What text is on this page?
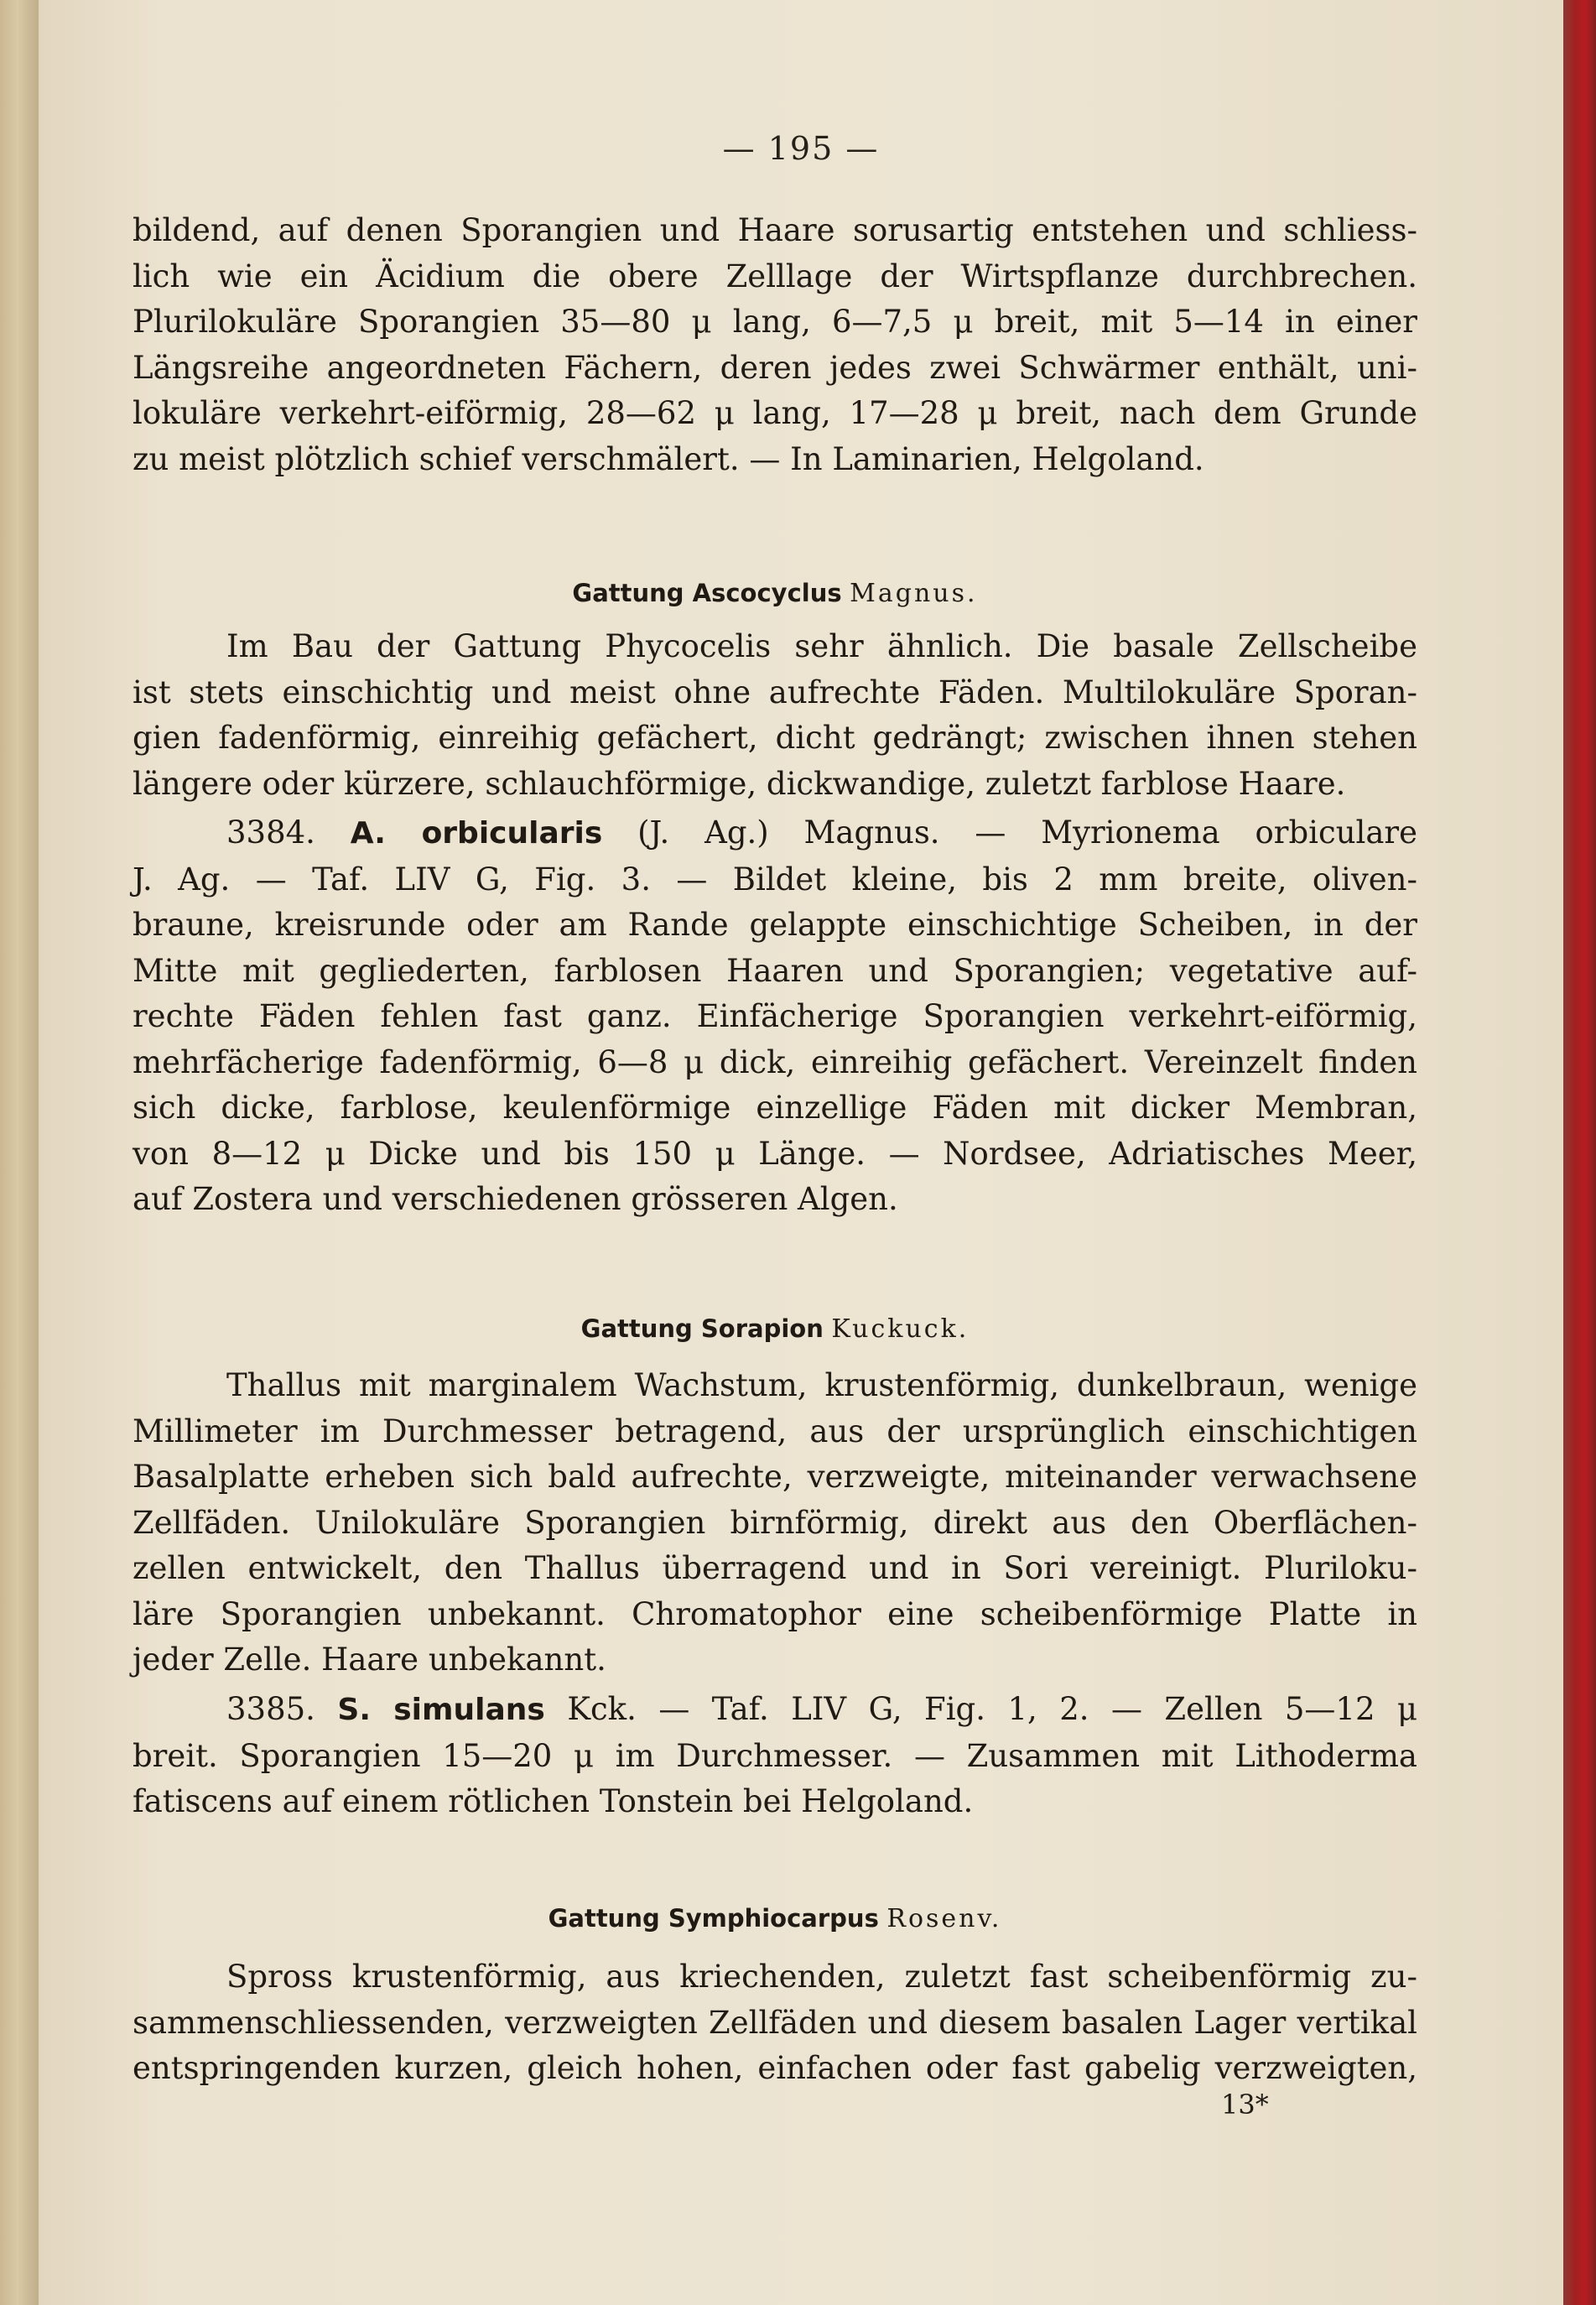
— 195 —

bildend, auf denen Sporangien und Haare sorusartig entstehen und schliess-

lich wie ein Äcidium die obere Zelllage der Wirtspflanze durchbrechen.

Plurilokuläre Sporangien 35—80 μ lang, 6—7,5 μ breit, mit 5—14 in einer

Längsreihe angeordneten Fächern, deren jedes zwei Schwärmer enthält, uni-

lokuläre verkehrt-eiförmig, 28—62 μ lang, 17—28 μ breit, nach dem Grunde

zu meist plötzlich schief verschmälert. — In Laminarien, Helgoland.

Gattung Ascocyclus Magnus.

Im Bau der Gattung Phycocelis sehr ähnlich. Die basale Zellscheibe

ist stets einschichtig und meist ohne aufrechte Fäden. Multilokuläre Sporan-

gien fadenförmig, einreihig gefächert, dicht gedrängt; zwischen ihnen stehen

längere oder kürzere, schlauchförmige, dickwandige, zuletzt farblose Haare.

3384. A. orbicularis (J. Ag.) Magnus. — Myrionema orbiculare

J. Ag. — Taf. LIV G, Fig. 3. — Bildet kleine, bis 2 mm breite, oliven-

braune, kreisrunde oder am Rande gelappte einschichtige Scheiben, in der

Mitte mit gegliederten, farblosen Haaren und Sporangien; vegetative auf-

rechte Fäden fehlen fast ganz. Einfächerige Sporangien verkehrt-eiförmig,

mehrfächerige fadenförmig, 6—8 μ dick, einreihig gefächert. Vereinzelt finden

sich dicke, farblose, keulenförmige einzellige Fäden mit dicker Membran,

von 8—12 μ Dicke und bis 150 μ Länge. — Nordsee, Adriatisches Meer,

auf Zostera und verschiedenen grösseren Algen.

Gattung Sorapion Kuckuck.

Thallus mit marginalem Wachstum, krustenförmig, dunkelbraun, wenige

Millimeter im Durchmesser betragend, aus der ursprünglich einschichtigen

Basalplatte erheben sich bald aufrechte, verzweigte, miteinander verwachsene

Zellfäden. Unilokuläre Sporangien birnförmig, direkt aus den Oberflächen-

zellen entwickelt, den Thallus überragend und in Sori vereinigt. Pluriloku-

läre Sporangien unbekannt. Chromatophor eine scheibenförmige Platte in

jeder Zelle. Haare unbekannt.

3385. S. simulans Kck. — Taf. LIV G, Fig. 1, 2. — Zellen 5—12 μ

breit. Sporangien 15—20 μ im Durchmesser. — Zusammen mit Lithoderma

fatiscens auf einem rötlichen Tonstein bei Helgoland.

Gattung Symphiocarpus Rosenv.

Spross krustenförmig, aus kriechenden, zuletzt fast scheibenförmig zu-

sammenschliessenden, verzweigten Zellfäden und diesem basalen Lager vertikal

entspringenden kurzen, gleich hohen, einfachen oder fast gabelig verzweigten,

13*
